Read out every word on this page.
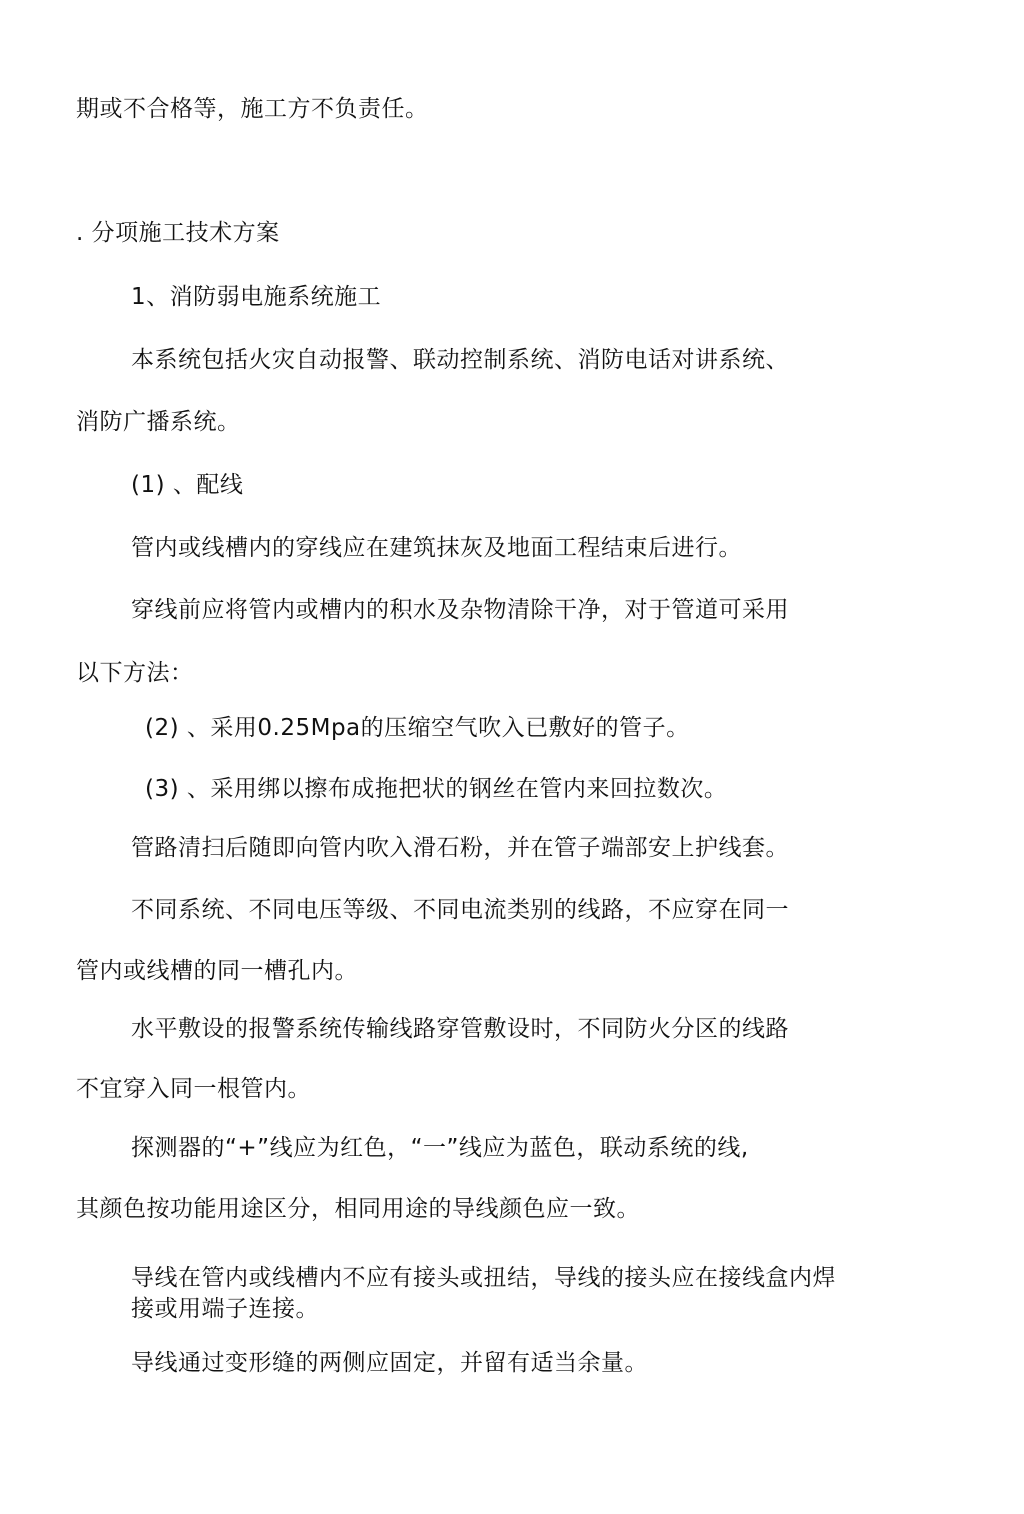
期或不合格等，施工方不负责任。
. 分项施工技术方案
1、消防弱电施系统施工
本系统包括火灾自动报警、联动控制系统、消防电话对讲系统、
消防广播系统。
(1) 、配线
管内或线槽内的穿线应在建筑抹灰及地面工程结束后进行。
穿线前应将管内或槽内的积水及杂物清除干净，对于管道可采用
以下方法：
(2) 、采用0.25Mpa的压缩空气吹入已敷好的管子。
(3) 、采用绑以擦布成拖把状的钢丝在管内来回拉数次。
管路清扫后随即向管内吹入滑石粉，并在管子端部安上护线套。
不同系统、不同电压等级、不同电流类别的线路，不应穿在同一
管内或线槽的同一槽孔内。
水平敷设的报警系统传输线路穿管敷设时，不同防火分区的线路
不宜穿入同一根管内。
探测器的“+”线应为红色，“一”线应为蓝色，联动系统的线,
其颜色按功能用途区分，相同用途的导线颜色应一致。
导线在管内或线槽内不应有接头或扭结，导线的接头应在接线盒内焊接或用端子连接。
导线通过变形缝的两侧应固定，并留有适当余量。
